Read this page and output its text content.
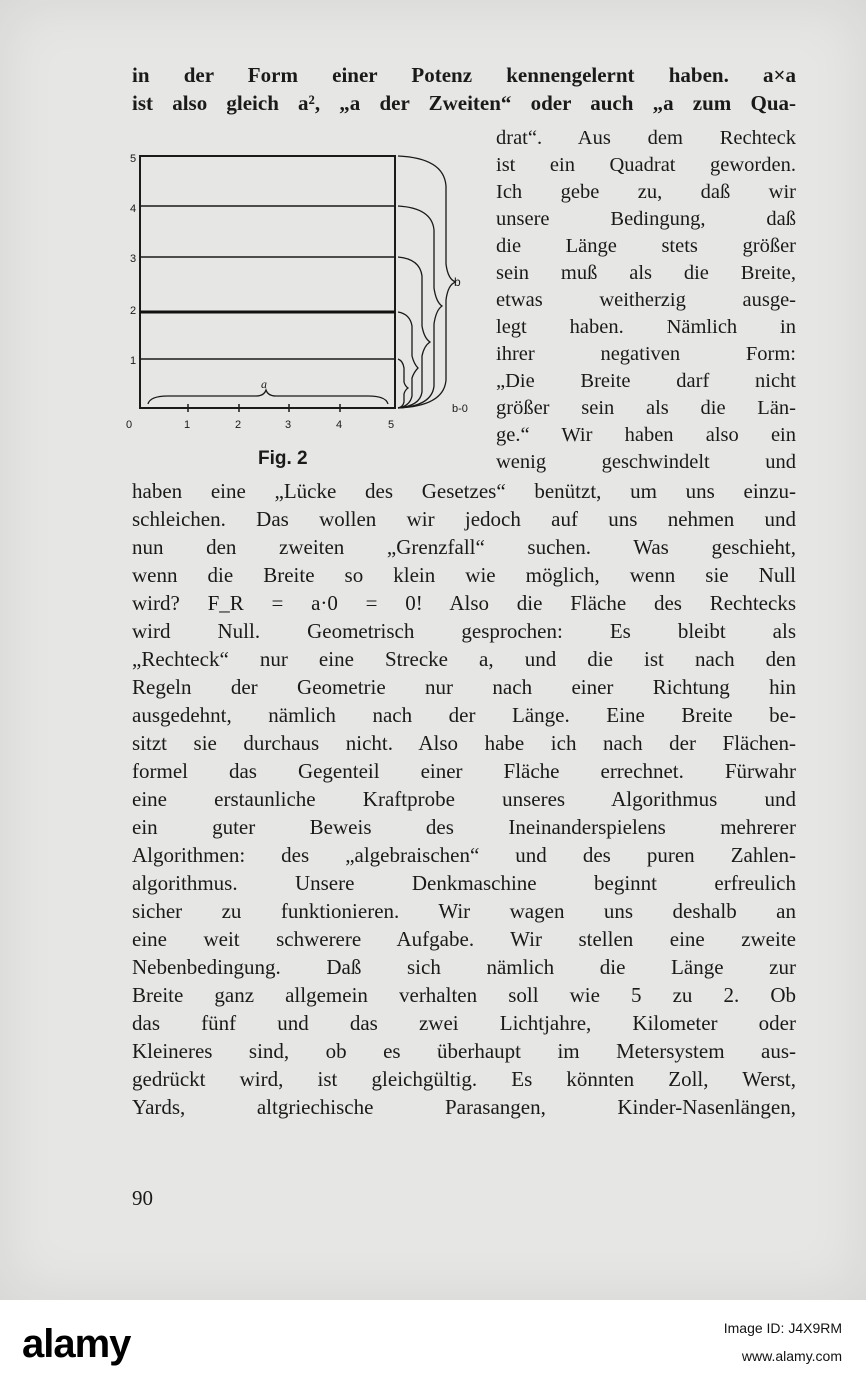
in der Form einer Potenz kennengelernt haben. a×a
ist also gleich a², „a der Zweiten“ oder auch „a zum Qua-
5
4
3
2
1
0	1	2	3	4	5
a
b
b-0
Fig. 2
drat“. Aus dem Rechteck
ist ein Quadrat geworden.
Ich gebe zu, daß wir
unsere Bedingung, daß
die Länge stets größer
sein muß als die Breite,
etwas weitherzig ausge-
legt haben. Nämlich in
ihrer negativen Form:
„Die Breite darf nicht
größer sein als die Län-
ge.“ Wir haben also ein
wenig geschwindelt und
haben eine „Lücke des Gesetzes“ benützt, um uns einzu-
schleichen. Das wollen wir jedoch auf uns nehmen und
nun den zweiten „Grenzfall“ suchen. Was geschieht,
wenn die Breite so klein wie möglich, wenn sie Null
wird? F_R = a·0 = 0! Also die Fläche des Rechtecks
wird Null. Geometrisch gesprochen: Es bleibt als
„Rechteck“ nur eine Strecke a, und die ist nach den
Regeln der Geometrie nur nach einer Richtung hin
ausgedehnt, nämlich nach der Länge. Eine Breite be-
sitzt sie durchaus nicht. Also habe ich nach der Flächen-
formel das Gegenteil einer Fläche errechnet. Fürwahr
eine erstaunliche Kraftprobe unseres Algorithmus und
ein guter Beweis des Ineinanderspielens mehrerer
Algorithmen: des „algebraischen“ und des puren Zahlen-
algorithmus. Unsere Denkmaschine beginnt erfreulich
sicher zu funktionieren. Wir wagen uns deshalb an
eine weit schwerere Aufgabe. Wir stellen eine zweite
Nebenbedingung. Daß sich nämlich die Länge zur
Breite ganz allgemein verhalten soll wie 5 zu 2. Ob
das fünf und das zwei Lichtjahre, Kilometer oder
Kleineres sind, ob es überhaupt im Metersystem aus-
gedrückt wird, ist gleichgültig. Es könnten Zoll, Werst,
Yards, altgriechische Parasangen, Kinder-Nasenlängen,
90
alamy	Image ID: J4X9RM
www.alamy.com
